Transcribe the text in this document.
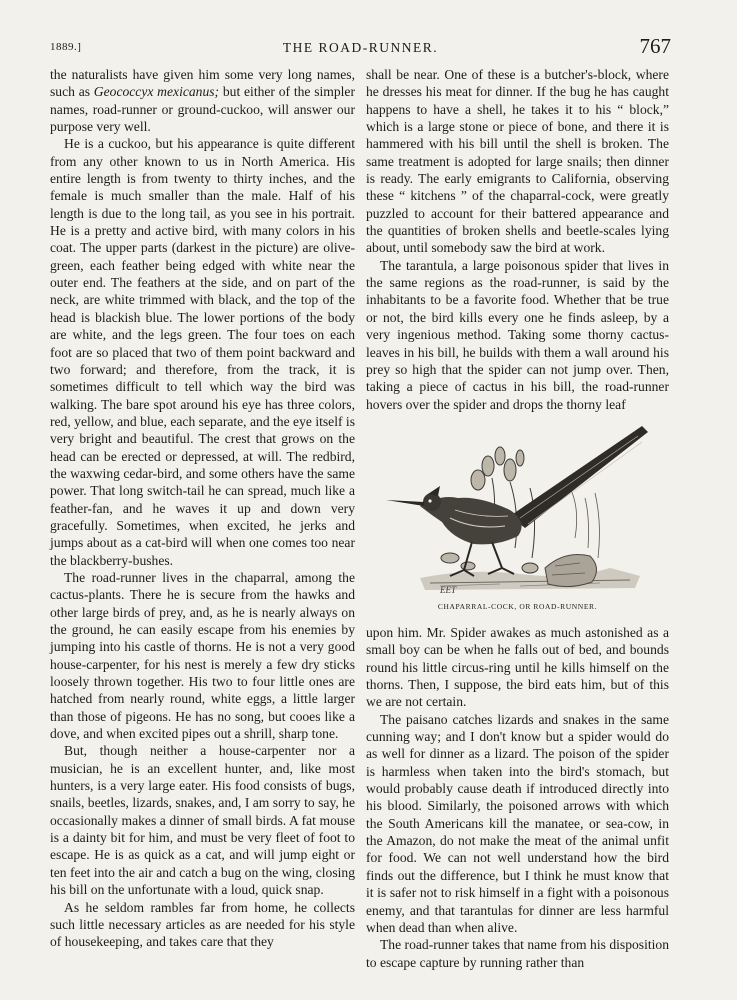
1889.]	THE ROAD-RUNNER.	767

the naturalists have given him some very long names, such as Geococcyx mexicanus; but either of the simpler names, road-runner or ground-cuckoo, will answer our purpose very well.

He is a cuckoo, but his appearance is quite different from any other known to us in North America. His entire length is from twenty to thirty inches, and the female is much smaller than the male. Half of his length is due to the long tail, as you see in his portrait. He is a pretty and active bird, with many colors in his coat. The upper parts (darkest in the picture) are olive-green, each feather being edged with white near the outer end. The feathers at the side, and on part of the neck, are white trimmed with black, and the top of the head is blackish blue. The lower portions of the body are white, and the legs green. The four toes on each foot are so placed that two of them point backward and two forward; and therefore, from the track, it is sometimes difficult to tell which way the bird was walking. The bare spot around his eye has three colors, red, yellow, and blue, each separate, and the eye itself is very bright and beautiful. The crest that grows on the head can be erected or depressed, at will. The redbird, the waxwing cedar-bird, and some others have the same power. That long switch-tail he can spread, much like a feather-fan, and he waves it up and down very gracefully. Sometimes, when excited, he jerks and jumps about as a cat-bird will when one comes too near the blackberry-bushes.

The road-runner lives in the chaparral, among the cactus-plants. There he is secure from the hawks and other large birds of prey, and, as he is nearly always on the ground, he can easily escape from his enemies by jumping into his castle of thorns. He is not a very good house-carpenter, for his nest is merely a few dry sticks loosely thrown together. His two to four little ones are hatched from nearly round, white eggs, a little larger than those of pigeons. He has no song, but cooes like a dove, and when excited pipes out a shrill, sharp tone.

But, though neither a house-carpenter nor a musician, he is an excellent hunter, and, like most hunters, is a very large eater. His food consists of bugs, snails, beetles, lizards, snakes, and, I am sorry to say, he occasionally makes a dinner of small birds. A fat mouse is a dainty bit for him, and must be very fleet of foot to escape. He is as quick as a cat, and will jump eight or ten feet into the air and catch a bug on the wing, closing his bill on the unfortunate with a loud, quick snap.

As he seldom rambles far from home, he collects such little necessary articles as are needed for his style of housekeeping, and takes care that they

shall be near. One of these is a butcher's-block, where he dresses his meat for dinner. If the bug he has caught happens to have a shell, he takes it to his “ block,” which is a large stone or piece of bone, and there it is hammered with his bill until the shell is broken. The same treatment is adopted for large snails; then dinner is ready. The early emigrants to California, observing these “ kitchens ” of the chaparral-cock, were greatly puzzled to account for their battered appearance and the quantities of broken shells and beetle-scales lying about, until somebody saw the bird at work.

The tarantula, a large poisonous spider that lives in the same regions as the road-runner, is said by the inhabitants to be a favorite food. Whether that be true or not, the bird kills every one he finds asleep, by a very ingenious method. Taking some thorny cactus-leaves in his bill, he builds with them a wall around his prey so high that the spider can not jump over. Then, taking a piece of cactus in his bill, the road-runner hovers over the spider and drops the thorny leaf

EET
CHAPARRAL-COCK, OR ROAD-RUNNER.

upon him. Mr. Spider awakes as much astonished as a small boy can be when he falls out of bed, and bounds round his little circus-ring until he kills himself on the thorns. Then, I suppose, the bird eats him, but of this we are not certain.

The paisano catches lizards and snakes in the same cunning way; and I don't know but a spider would do as well for dinner as a lizard. The poison of the spider is harmless when taken into the bird's stomach, but would probably cause death if introduced directly into his blood. Similarly, the poisoned arrows with which the South Americans kill the manatee, or sea-cow, in the Amazon, do not make the meat of the animal unfit for food. We can not well understand how the bird finds out the difference, but I think he must know that it is safer not to risk himself in a fight with a poisonous enemy, and that tarantulas for dinner are less harmful when dead than when alive.

The road-runner takes that name from his disposition to escape capture by running rather than
